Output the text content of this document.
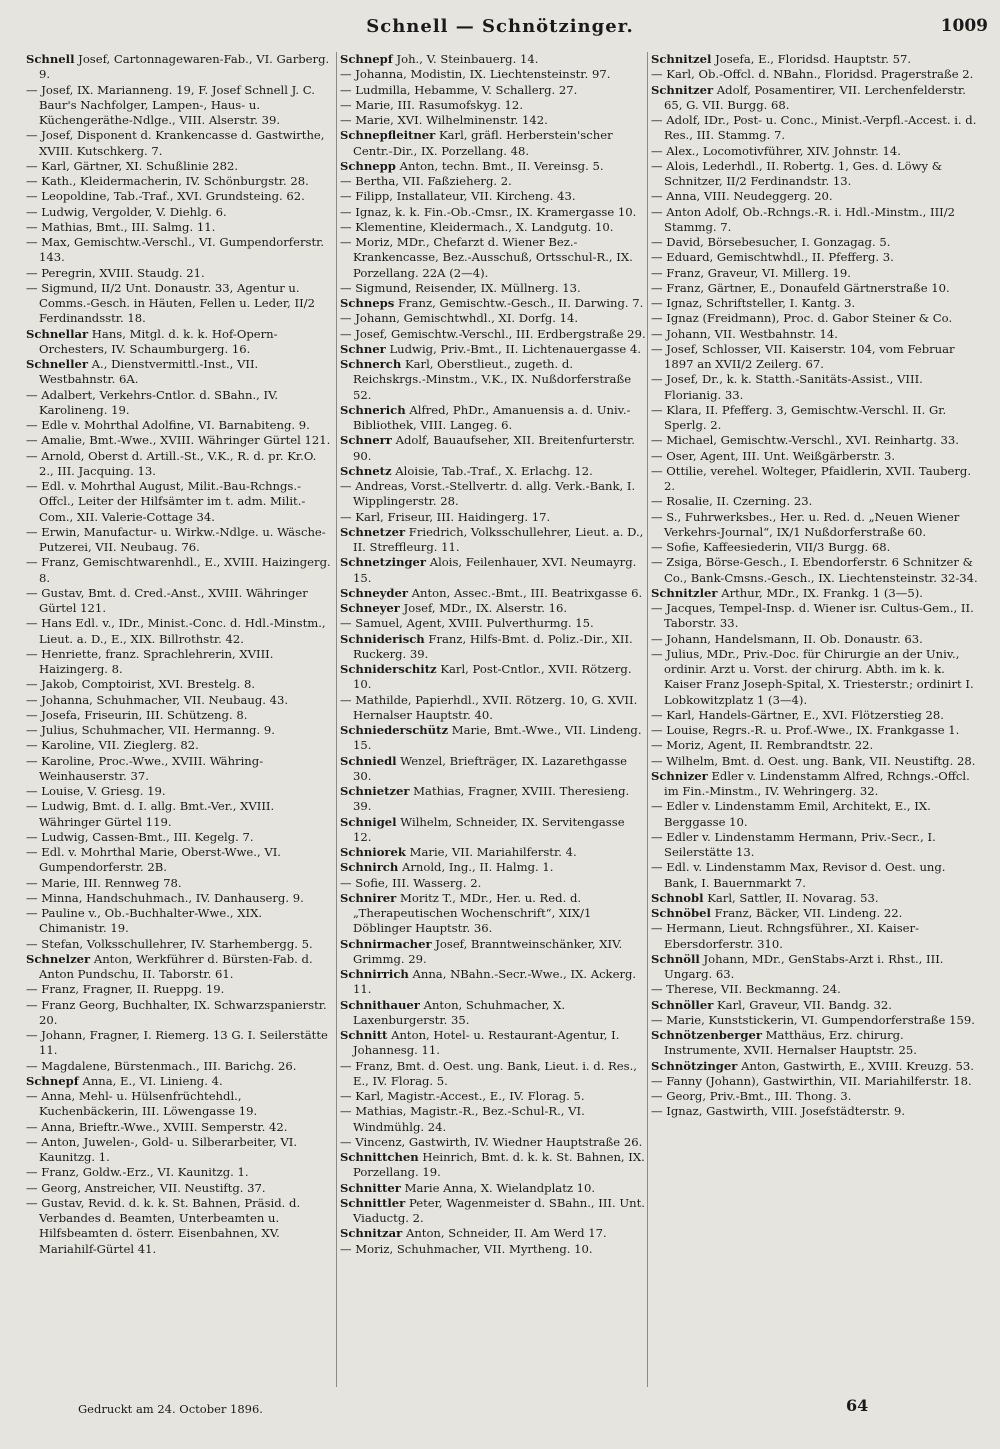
Schnell — Schnötzinger.	1009
Schnell Josef, Cartonnagewaren-Fab., VI. Garberg. 9.
— Josef, IX. Marianneng. 19, F. Josef Schnell J. C. Baur's Nachfolger, Lampen-, Haus- u. Küchengeräthe-Ndlge., VIII. Alserstr. 39.
— Josef, Disponent d. Krankencasse d. Gastwirthe, XVIII. Kutschkerg. 7.
— Karl, Gärtner, XI. Schußlinie 282.
— Kath., Kleidermacherin, IV. Schönburgstr. 28.
— Leopoldine, Tab.-Traf., XVI. Grundsteing. 62.
— Ludwig, Vergolder, V. Diehlg. 6.
— Mathias, Bmt., III. Salmg. 11.
— Max, Gemischtw.-Verschl., VI. Gumpendorferstr. 143.
— Peregrin, XVIII. Staudg. 21.
— Sigmund, II/2 Unt. Donaustr. 33, Agentur u. Comms.-Gesch. in Häuten, Fellen u. Leder, II/2 Ferdinandsstr. 18.
Schnellar Hans, Mitgl. d. k. k. Hof-Opern-Orchesters, IV. Schaumburgerg. 16.
Schneller A., Dienstvermittl.-Inst., VII. Westbahnstr. 6A.
— Adalbert, Verkehrs-Cntlor. d. SBahn., IV. Karolineng. 19.
— Edle v. Mohrthal Adolfine, VI. Barnabiteng. 9.
— Amalie, Bmt.-Wwe., XVIII. Währinger Gürtel 121.
— Arnold, Oberst d. Artill.-St., V.K., R. d. pr. Kr.O. 2., III. Jacquing. 13.
— Edl. v. Mohrthal August, Milit.-Bau-Rchngs.-Offcl., Leiter der Hilfsämter im t. adm. Milit.-Com., XII. Valerie-Cottage 34.
— Erwin, Manufactur- u. Wirkw.-Ndlge. u. Wäsche-Putzerei, VII. Neubaug. 76.
— Franz, Gemischtwarenhdl., E., XVIII. Haizingerg. 8.
— Gustav, Bmt. d. Cred.-Anst., XVIII. Währinger Gürtel 121.
— Hans Edl. v., IDr., Minist.-Conc. d. Hdl.-Minstm., Lieut. a. D., E., XIX. Billrothstr. 42.
— Henriette, franz. Sprachlehrerin, XVIII. Haizingerg. 8.
— Jakob, Comptoirist, XVI. Brestelg. 8.
— Johanna, Schuhmacher, VII. Neubaug. 43.
— Josefa, Friseurin, III. Schützeng. 8.
— Julius, Schuhmacher, VII. Hermanng. 9.
— Karoline, VII. Zieglerg. 82.
— Karoline, Proc.-Wwe., XVIII. Währing-Weinhauserstr. 37.
— Louise, V. Griesg. 19.
— Ludwig, Bmt. d. I. allg. Bmt.-Ver., XVIII. Währinger Gürtel 119.
— Ludwig, Cassen-Bmt., III. Kegelg. 7.
— Edl. v. Mohrthal Marie, Oberst-Wwe., VI. Gumpendorferstr. 2B.
— Marie, III. Rennweg 78.
— Minna, Handschuhmach., IV. Danhauserg. 9.
— Pauline v., Ob.-Buchhalter-Wwe., XIX. Chimanistr. 19.
— Stefan, Volksschullehrer, IV. Starhembergg. 5.
Schnelzer Anton, Werkführer d. Bürsten-Fab. d. Anton Pundschu, II. Taborstr. 61.
— Franz, Fragner, II. Rueppg. 19.
— Franz Georg, Buchhalter, IX. Schwarzspanierstr. 20.
— Johann, Fragner, I. Riemerg. 13 G. I. Seilerstätte 11.
— Magdalene, Bürstenmach., III. Barichg. 26.
Schnepf Anna, E., VI. Linieng. 4.
— Anna, Mehl- u. Hülsenfrüchtehdl., Kuchenbäckerin, III. Löwengasse 19.
— Anna, Brieftr.-Wwe., XVIII. Semperstr. 42.
— Anton, Juwelen-, Gold- u. Silberarbeiter, VI. Kaunitzg. 1.
— Franz, Goldw.-Erz., VI. Kaunitzg. 1.
— Georg, Anstreicher, VII. Neustiftg. 37.
— Gustav, Revid. d. k. k. St. Bahnen, Präsid. d. Verbandes d. Beamten, Unterbeamten u. Hilfsbeamten d. österr. Eisenbahnen, XV. Mariahilf-Gürtel 41.
Schnepf Joh., V. Steinbauerg. 14.
— Johanna, Modistin, IX. Liechtensteinstr. 97.
— Ludmilla, Hebamme, V. Schallerg. 27.
— Marie, III. Rasumofskyg. 12.
— Marie, XVI. Wilhelminenstr. 142.
Schnepfleitner Karl, gräfl. Herberstein'scher Centr.-Dir., IX. Porzellang. 48.
Schnepp Anton, techn. Bmt., II. Vereinsg. 5.
— Bertha, VII. Faßzieherg. 2.
— Filipp, Installateur, VII. Kircheng. 43.
— Ignaz, k. k. Fin.-Ob.-Cmsr., IX. Kramergasse 10.
— Klementine, Kleidermach., X. Landgutg. 10.
— Moriz, MDr., Chefarzt d. Wiener Bez.-Krankencasse, Bez.-Ausschuß, Ortsschul-R., IX. Porzellang. 22A (2—4).
— Sigmund, Reisender, IX. Müllnerg. 13.
Schneps Franz, Gemischtw.-Gesch., II. Darwing. 7.
— Johann, Gemischtwhdl., XI. Dorfg. 14.
— Josef, Gemischtw.-Verschl., III. Erdbergstraße 29.
Schner Ludwig, Priv.-Bmt., II. Lichtenauergasse 4.
Schnerch Karl, Oberstlieut., zugeth. d. Reichskrgs.-Minstm., V.K., IX. Nußdorferstraße 52.
Schnerich Alfred, PhDr., Amanuensis a. d. Univ.-Bibliothek, VIII. Langeg. 6.
Schnerr Adolf, Bauaufseher, XII. Breitenfurterstr. 90.
Schnetz Aloisie, Tab.-Traf., X. Erlachg. 12.
— Andreas, Vorst.-Stellvertr. d. allg. Verk.-Bank, I. Wipplingerstr. 28.
— Karl, Friseur, III. Haidingerg. 17.
Schnetzer Friedrich, Volksschullehrer, Lieut. a. D., II. Streffleurg. 11.
Schnetzinger Alois, Feilenhauer, XVI. Neumayrg. 15.
Schneyder Anton, Assec.-Bmt., III. Beatrixgasse 6.
Schneyer Josef, MDr., IX. Alserstr. 16.
— Samuel, Agent, XVIII. Pulverthurmg. 15.
Schniderisch Franz, Hilfs-Bmt. d. Poliz.-Dir., XII. Ruckerg. 39.
Schniderschitz Karl, Post-Cntlor., XVII. Rötzerg. 10.
— Mathilde, Papierhdl., XVII. Rötzerg. 10, G. XVII. Hernalser Hauptstr. 40.
Schniederschütz Marie, Bmt.-Wwe., VII. Lindeng. 15.
Schniedl Wenzel, Briefträger, IX. Lazarethgasse 30.
Schnietzer Mathias, Fragner, XVIII. Theresieng. 39.
Schnigel Wilhelm, Schneider, IX. Servitengasse 12.
Schniorek Marie, VII. Mariahilferstr. 4.
Schnirch Arnold, Ing., II. Halmg. 1.
— Sofie, III. Wasserg. 2.
Schnirer Moritz T., MDr., Her. u. Red. d. „Therapeutischen Wochenschrift“, XIX/1 Döblinger Hauptstr. 36.
Schnirmacher Josef, Branntweinschänker, XIV. Grimmg. 29.
Schnirrich Anna, NBahn.-Secr.-Wwe., IX. Ackerg. 11.
Schnithauer Anton, Schuhmacher, X. Laxenburgerstr. 35.
Schnitt Anton, Hotel- u. Restaurant-Agentur, I. Johannesg. 11.
— Franz, Bmt. d. Oest. ung. Bank, Lieut. i. d. Res., E., IV. Florag. 5.
— Karl, Magistr.-Accest., E., IV. Florag. 5.
— Mathias, Magistr.-R., Bez.-Schul-R., VI. Windmühlg. 24.
— Vincenz, Gastwirth, IV. Wiedner Hauptstraße 26.
Schnittchen Heinrich, Bmt. d. k. k. St. Bahnen, IX. Porzellang. 19.
Schnitter Marie Anna, X. Wielandplatz 10.
Schnittler Peter, Wagenmeister d. SBahn., III. Unt. Viaductg. 2.
Schnitzar Anton, Schneider, II. Am Werd 17.
— Moriz, Schuhmacher, VII. Myrtheng. 10.
Schnitzel Josefa, E., Floridsd. Hauptstr. 57.
— Karl, Ob.-Offcl. d. NBahn., Floridsd. Pragerstraße 2.
Schnitzer Adolf, Posamentirer, VII. Lerchenfelderstr. 65, G. VII. Burgg. 68.
— Adolf, IDr., Post- u. Conc., Minist.-Verpfl.-Accest. i. d. Res., III. Stammg. 7.
— Alex., Locomotivführer, XIV. Johnstr. 14.
— Alois, Lederhdl., II. Robertg. 1, Ges. d. Löwy & Schnitzer, II/2 Ferdinandstr. 13.
— Anna, VIII. Neudeggerg. 20.
— Anton Adolf, Ob.-Rchngs.-R. i. Hdl.-Minstm., III/2 Stammg. 7.
— David, Börsebesucher, I. Gonzagag. 5.
— Eduard, Gemischtwhdl., II. Pfefferg. 3.
— Franz, Graveur, VI. Millerg. 19.
— Franz, Gärtner, E., Donaufeld Gärtnerstraße 10.
— Ignaz, Schriftsteller, I. Kantg. 3.
— Ignaz (Freidmann), Proc. d. Gabor Steiner & Co.
— Johann, VII. Westbahnstr. 14.
— Josef, Schlosser, VII. Kaiserstr. 104, vom Februar 1897 an XVII/2 Zeilerg. 67.
— Josef, Dr., k. k. Statth.-Sanitäts-Assist., VIII. Florianig. 33.
— Klara, II. Pfefferg. 3, Gemischtw.-Verschl. II. Gr. Sperlg. 2.
— Michael, Gemischtw.-Verschl., XVI. Reinhartg. 33.
— Oser, Agent, III. Unt. Weißgärberstr. 3.
— Ottilie, verehel. Wolteger, Pfaidlerin, XVII. Tauberg. 2.
— Rosalie, II. Czerning. 23.
— S., Fuhrwerksbes., Her. u. Red. d. „Neuen Wiener Verkehrs-Journal“, IX/1 Nußdorferstraße 60.
— Sofie, Kaffeesiederin, VII/3 Burgg. 68.
— Zsiga, Börse-Gesch., I. Ebendorferstr. 6 Schnitzer & Co., Bank-Cmsns.-Gesch., IX. Liechtensteinstr. 32-34.
Schnitzler Arthur, MDr., IX. Frankg. 1 (3—5).
— Jacques, Tempel-Insp. d. Wiener isr. Cultus-Gem., II. Taborstr. 33.
— Johann, Handelsmann, II. Ob. Donaustr. 63.
— Julius, MDr., Priv.-Doc. für Chirurgie an der Univ., ordinir. Arzt u. Vorst. der chirurg. Abth. im k. k. Kaiser Franz Joseph-Spital, X. Triesterstr.; ordinirt I. Lobkowitzplatz 1 (3—4).
— Karl, Handels-Gärtner, E., XVI. Flötzerstieg 28.
— Louise, Regrs.-R. u. Prof.-Wwe., IX. Frankgasse 1.
— Moriz, Agent, II. Rembrandtstr. 22.
— Wilhelm, Bmt. d. Oest. ung. Bank, VII. Neustiftg. 28.
Schnizer Edler v. Lindenstamm Alfred, Rchngs.-Offcl. im Fin.-Minstm., IV. Wehringerg. 32.
— Edler v. Lindenstamm Emil, Architekt, E., IX. Berggasse 10.
— Edler v. Lindenstamm Hermann, Priv.-Secr., I. Seilerstätte 13.
— Edl. v. Lindenstamm Max, Revisor d. Oest. ung. Bank, I. Bauernmarkt 7.
Schnobl Karl, Sattler, II. Novarag. 53.
Schnöbel Franz, Bäcker, VII. Lindeng. 22.
— Hermann, Lieut. Rchngsführer., XI. Kaiser-Ebersdorferstr. 310.
Schnöll Johann, MDr., GenStabs-Arzt i. Rhst., III. Ungarg. 63.
— Therese, VII. Beckmanng. 24.
Schnöller Karl, Graveur, VII. Bandg. 32.
— Marie, Kunststickerin, VI. Gumpendorferstraße 159.
Schnötzenberger Matthäus, Erz. chirurg. Instrumente, XVII. Hernalser Hauptstr. 25.
Schnötzinger Anton, Gastwirth, E., XVIII. Kreuzg. 53.
— Fanny (Johann), Gastwirthin, VII. Mariahilferstr. 18.
— Georg, Priv.-Bmt., III. Thong. 3.
— Ignaz, Gastwirth, VIII. Josefstädterstr. 9.
Gedruckt am 24. October 1896.	64
